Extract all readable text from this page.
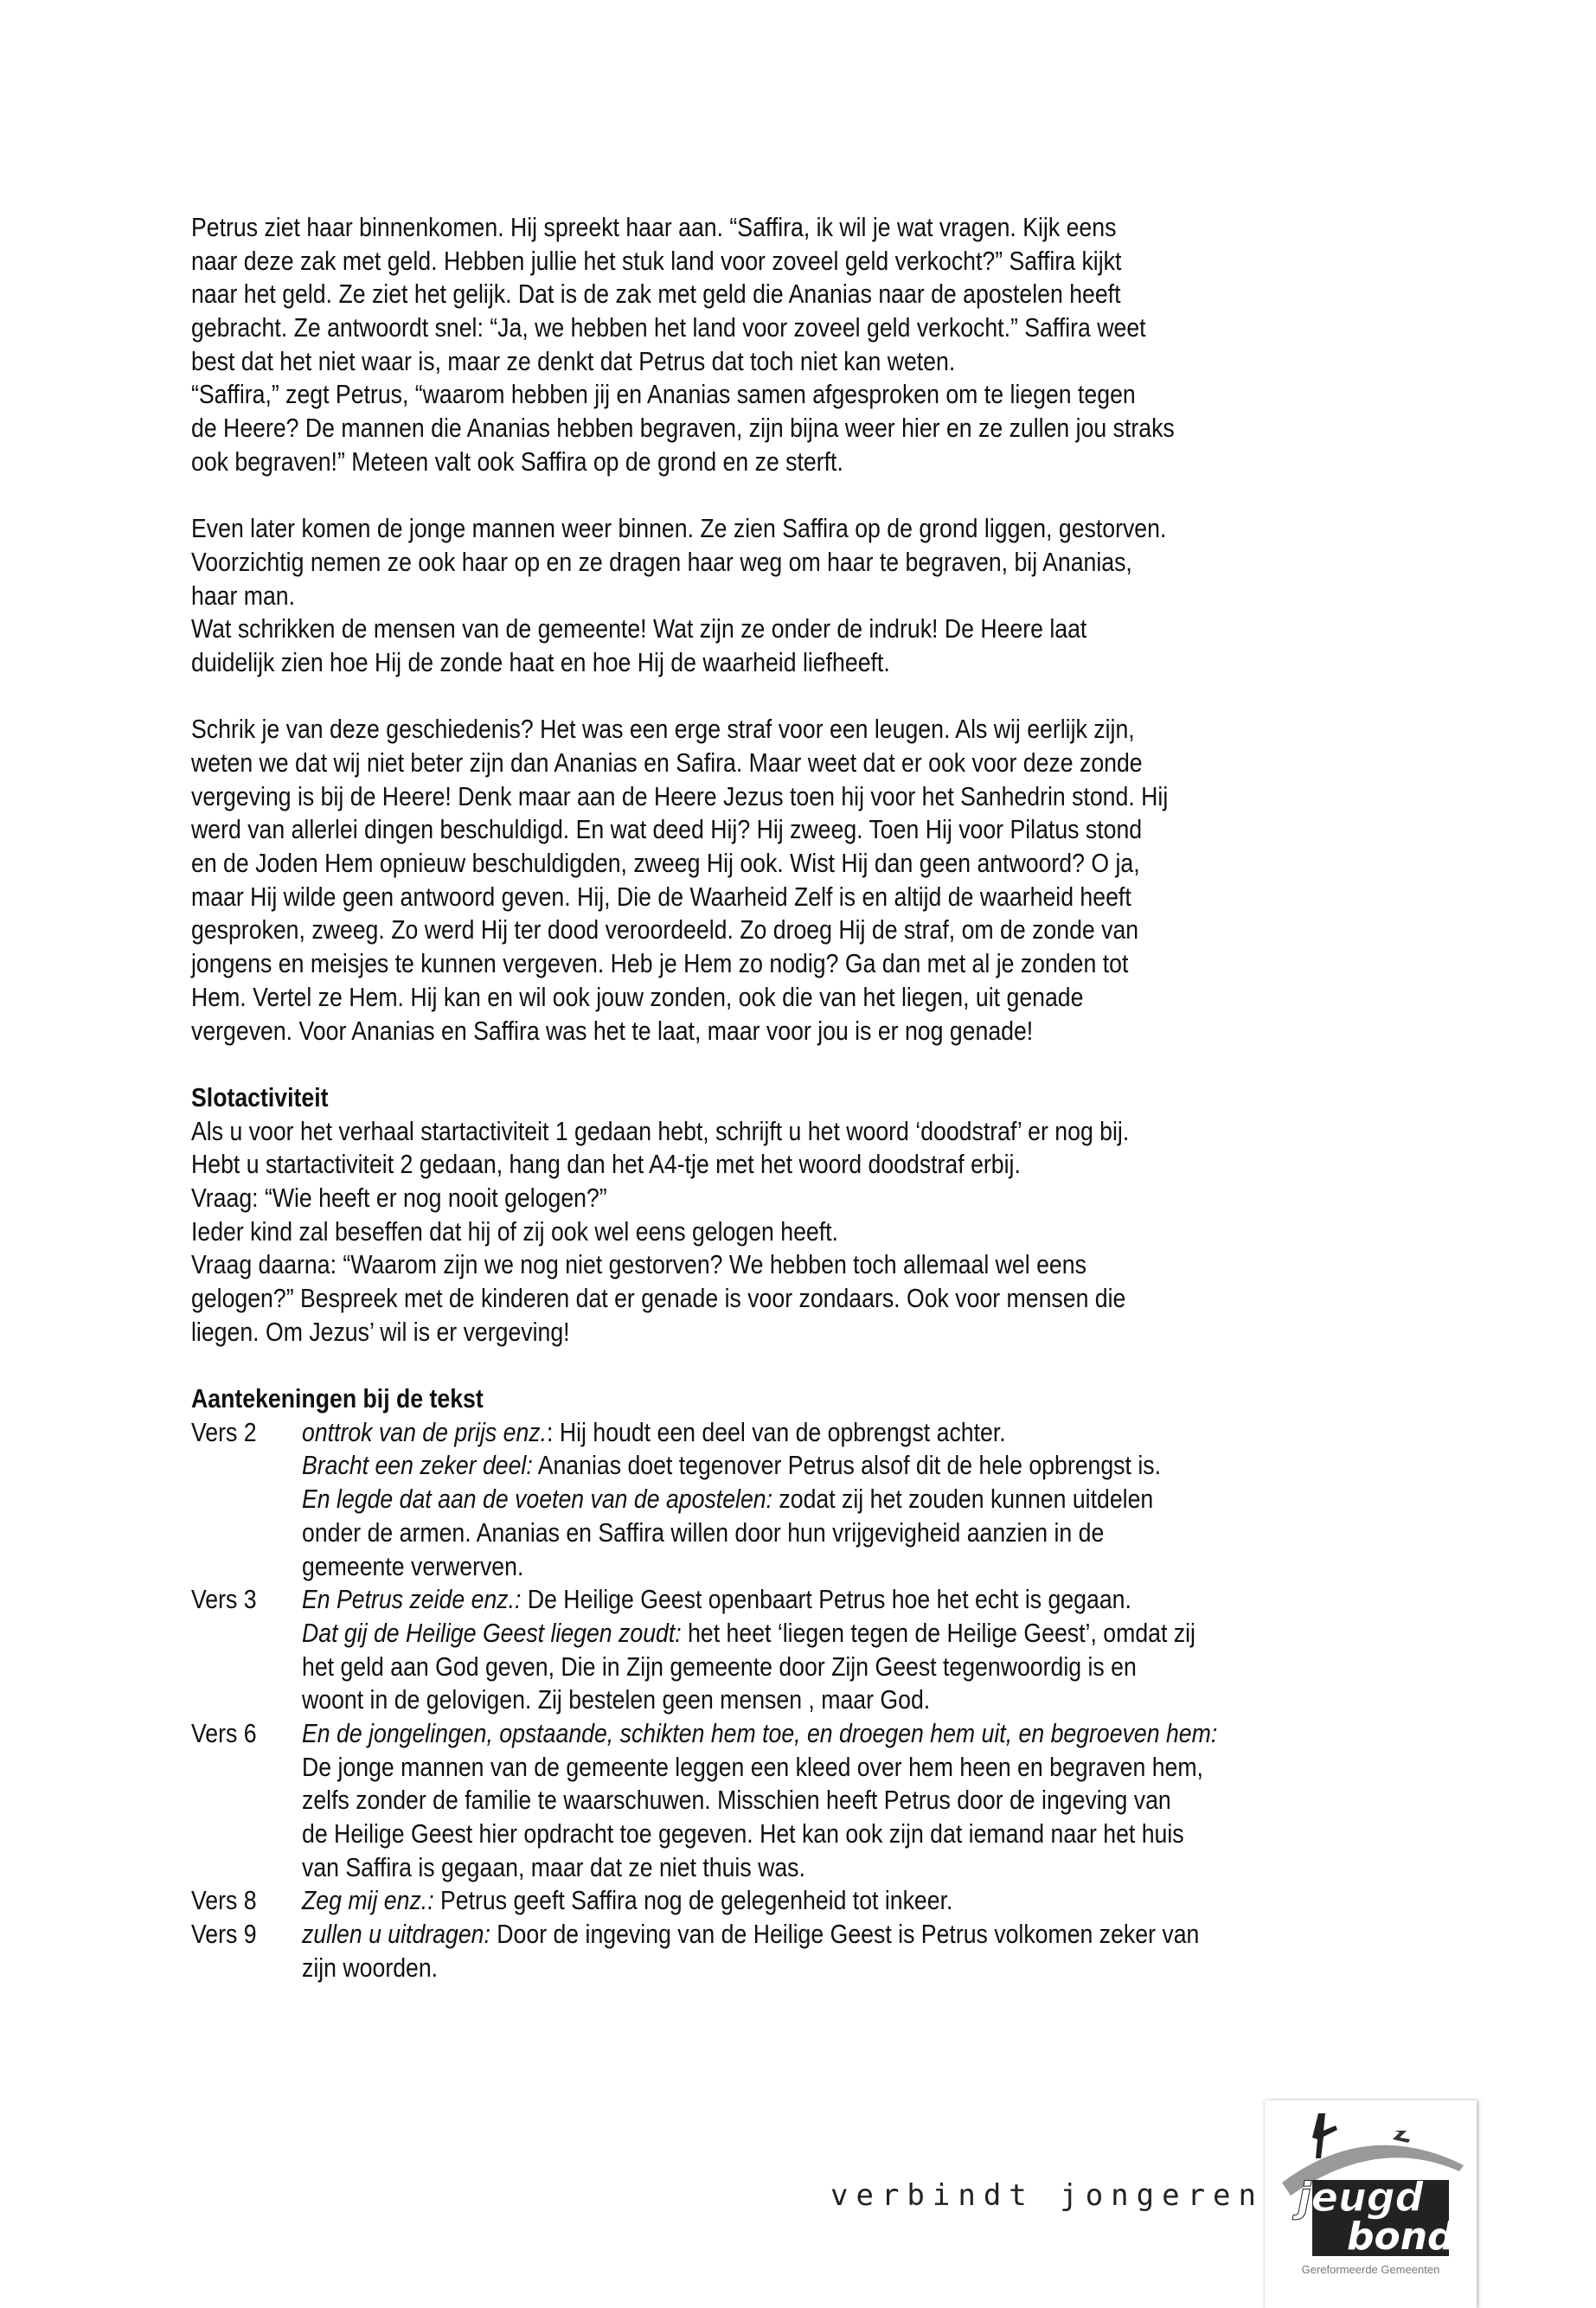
Petrus ziet haar binnenkomen. Hij spreekt haar aan. “Saffira, ik wil je wat vragen. Kijk eens
naar deze zak met geld. Hebben jullie het stuk land voor zoveel geld verkocht?” Saffira kijkt
naar het geld. Ze ziet het gelijk. Dat is de zak met geld die Ananias naar de apostelen heeft
gebracht. Ze antwoordt snel: “Ja, we hebben het land voor zoveel geld verkocht.” Saffira weet
best dat het niet waar is, maar ze denkt dat Petrus dat toch niet kan weten.
“Saffira,” zegt Petrus, “waarom hebben jij en Ananias samen afgesproken om te liegen tegen
de Heere? De mannen die Ananias hebben begraven, zijn bijna weer hier en ze zullen jou straks
ook begraven!” Meteen valt ook Saffira op de grond en ze sterft.
Even later komen de jonge mannen weer binnen. Ze zien Saffira op de grond liggen, gestorven.
Voorzichtig nemen ze ook haar op en ze dragen haar weg om haar te begraven, bij Ananias,
haar man.
Wat schrikken de mensen van de gemeente! Wat zijn ze onder de indruk! De Heere laat
duidelijk zien hoe Hij de zonde haat en hoe Hij de waarheid liefheeft.
Schrik je van deze geschiedenis? Het was een erge straf voor een leugen. Als wij eerlijk zijn,
weten we dat wij niet beter zijn dan Ananias en Safira. Maar weet dat er ook voor deze zonde
vergeving is bij de Heere! Denk maar aan de Heere Jezus toen hij voor het Sanhedrin stond. Hij
werd van allerlei dingen beschuldigd. En wat deed Hij? Hij zweeg. Toen Hij voor Pilatus stond
en de Joden Hem opnieuw beschuldigden, zweeg Hij ook. Wist Hij dan geen antwoord? O ja,
maar Hij wilde geen antwoord geven. Hij, Die de Waarheid Zelf is en altijd de waarheid heeft
gesproken, zweeg. Zo werd Hij ter dood veroordeeld. Zo droeg Hij de straf, om de zonde van
jongens en meisjes te kunnen vergeven. Heb je Hem zo nodig? Ga dan met al je zonden tot
Hem. Vertel ze Hem. Hij kan en wil ook jouw zonden, ook die van het liegen, uit genade
vergeven. Voor Ananias en Saffira was het te laat, maar voor jou is er nog genade!
Slotactiviteit
Als u voor het verhaal startactiviteit 1 gedaan hebt, schrijft u het woord ‘doodstraf’ er nog bij.
Hebt u startactiviteit 2 gedaan, hang dan het A4-tje met het woord doodstraf erbij.
Vraag: “Wie heeft er nog nooit gelogen?”
Ieder kind zal beseffen dat hij of zij ook wel eens gelogen heeft.
Vraag daarna: “Waarom zijn we nog niet gestorven? We hebben toch allemaal wel eens
gelogen?” Bespreek met de kinderen dat er genade is voor zondaars. Ook voor mensen die
liegen. Om Jezus’ wil is er vergeving!
Aantekeningen bij de tekst
Vers 2 onttrok van de prijs enz.: Hij houdt een deel van de opbrengst achter.
Bracht een zeker deel: Ananias doet tegenover Petrus alsof dit de hele opbrengst is.
En legde dat aan de voeten van de apostelen: zodat zij het zouden kunnen uitdelen
onder de armen. Ananias en Saffira willen door hun vrijgevigheid aanzien in de
gemeente verwerven.
Vers 3 En Petrus zeide enz.: De Heilige Geest openbaart Petrus hoe het echt is gegaan.
Dat gij de Heilige Geest liegen zoudt: het heet ‘liegen tegen de Heilige Geest’, omdat zij
het geld aan God geven, Die in Zijn gemeente door Zijn Geest tegenwoordig is en
woont in de gelovigen. Zij bestelen geen mensen , maar God.
Vers 6 En de jongelingen, opstaande, schikten hem toe, en droegen hem uit, en begroeven hem:
De jonge mannen van de gemeente leggen een kleed over hem heen en begraven hem,
zelfs zonder de familie te waarschuwen. Misschien heeft Petrus door de ingeving van
de Heilige Geest hier opdracht toe gegeven. Het kan ook zijn dat iemand naar het huis
van Saffira is gegaan, maar dat ze niet thuis was.
Vers 8 Zeg mij enz.: Petrus geeft Saffira nog de gelegenheid tot inkeer.
Vers 9 zullen u uitdragen: Door de ingeving van de Heilige Geest is Petrus volkomen zeker van
zijn woorden.
verbindt jongeren jeugd
bond
Gereformeerde Gemeenten
